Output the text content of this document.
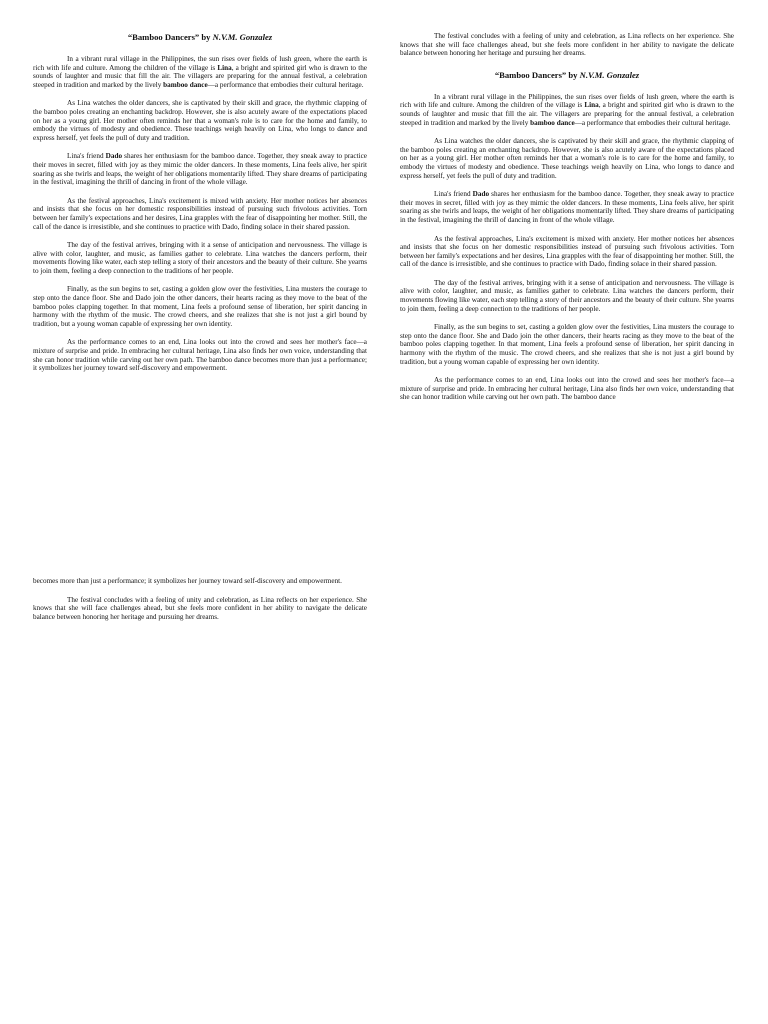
“Bamboo Dancers” by N.V.M. Gonzalez

In a vibrant rural village in the Philippines, the sun rises over fields of lush green, where the earth is rich with life and culture. Among the children of the village is Lina, a bright and spirited girl who is drawn to the sounds of laughter and music that fill the air. The villagers are preparing for the annual festival, a celebration steeped in tradition and marked by the lively bamboo dance—a performance that embodies their cultural heritage.

As Lina watches the older dancers, she is captivated by their skill and grace, the rhythmic clapping of the bamboo poles creating an enchanting backdrop. However, she is also acutely aware of the expectations placed on her as a young girl. Her mother often reminds her that a woman's role is to care for the home and family, to embody the virtues of modesty and obedience. These teachings weigh heavily on Lina, who longs to dance and express herself, yet feels the pull of duty and tradition.

Lina's friend Dado shares her enthusiasm for the bamboo dance. Together, they sneak away to practice their moves in secret, filled with joy as they mimic the older dancers. In these moments, Lina feels alive, her spirit soaring as she twirls and leaps, the weight of her obligations momentarily lifted. They share dreams of participating in the festival, imagining the thrill of dancing in front of the whole village.

As the festival approaches, Lina's excitement is mixed with anxiety. Her mother notices her absences and insists that she focus on her domestic responsibilities instead of pursuing such frivolous activities. Torn between her family's expectations and her desires, Lina grapples with the fear of disappointing her mother. Still, the call of the dance is irresistible, and she continues to practice with Dado, finding solace in their shared passion.

The day of the festival arrives, bringing with it a sense of anticipation and nervousness. The village is alive with color, laughter, and music, as families gather to celebrate. Lina watches the dancers perform, their movements flowing like water, each step telling a story of their ancestors and the beauty of their culture. She yearns to join them, feeling a deep connection to the traditions of her people.

Finally, as the sun begins to set, casting a golden glow over the festivities, Lina musters the courage to step onto the dance floor. She and Dado join the other dancers, their hearts racing as they move to the beat of the bamboo poles clapping together. In that moment, Lina feels a profound sense of liberation, her spirit dancing in harmony with the rhythm of the music. The crowd cheers, and she realizes that she is not just a girl bound by tradition, but a young woman capable of expressing her own identity.

As the performance comes to an end, Lina looks out into the crowd and sees her mother's face—a mixture of surprise and pride. In embracing her cultural heritage, Lina also finds her own voice, understanding that she can honor tradition while carving out her own path. The bamboo dance becomes more than just a performance; it symbolizes her journey toward self-discovery and empowerment.

becomes more than just a performance; it symbolizes her journey toward self-discovery and empowerment.

The festival concludes with a feeling of unity and celebration, as Lina reflects on her experience. She knows that she will face challenges ahead, but she feels more confident in her ability to navigate the delicate balance between honoring her heritage and pursuing her dreams.

The festival concludes with a feeling of unity and celebration, as Lina reflects on her experience. She knows that she will face challenges ahead, but she feels more confident in her ability to navigate the delicate balance between honoring her heritage and pursuing her dreams.

“Bamboo Dancers” by N.V.M. Gonzalez

In a vibrant rural village in the Philippines, the sun rises over fields of lush green, where the earth is rich with life and culture. Among the children of the village is Lina, a bright and spirited girl who is drawn to the sounds of laughter and music that fill the air. The villagers are preparing for the annual festival, a celebration steeped in tradition and marked by the lively bamboo dance—a performance that embodies their cultural heritage.

As Lina watches the older dancers, she is captivated by their skill and grace, the rhythmic clapping of the bamboo poles creating an enchanting backdrop. However, she is also acutely aware of the expectations placed on her as a young girl. Her mother often reminds her that a woman's role is to care for the home and family, to embody the virtues of modesty and obedience. These teachings weigh heavily on Lina, who longs to dance and express herself, yet feels the pull of duty and tradition.

Lina's friend Dado shares her enthusiasm for the bamboo dance. Together, they sneak away to practice their moves in secret, filled with joy as they mimic the older dancers. In these moments, Lina feels alive, her spirit soaring as she twirls and leaps, the weight of her obligations momentarily lifted. They share dreams of participating in the festival, imagining the thrill of dancing in front of the whole village.

As the festival approaches, Lina's excitement is mixed with anxiety. Her mother notices her absences and insists that she focus on her domestic responsibilities instead of pursuing such frivolous activities. Torn between her family's expectations and her desires, Lina grapples with the fear of disappointing her mother. Still, the call of the dance is irresistible, and she continues to practice with Dado, finding solace in their shared passion.

The day of the festival arrives, bringing with it a sense of anticipation and nervousness. The village is alive with color, laughter, and music, as families gather to celebrate. Lina watches the dancers perform, their movements flowing like water, each step telling a story of their ancestors and the beauty of their culture. She yearns to join them, feeling a deep connection to the traditions of her people.

Finally, as the sun begins to set, casting a golden glow over the festivities, Lina musters the courage to step onto the dance floor. She and Dado join the other dancers, their hearts racing as they move to the beat of the bamboo poles clapping together. In that moment, Lina feels a profound sense of liberation, her spirit dancing in harmony with the rhythm of the music. The crowd cheers, and she realizes that she is not just a girl bound by tradition, but a young woman capable of expressing her own identity.

As the performance comes to an end, Lina looks out into the crowd and sees her mother's face—a mixture of surprise and pride. In embracing her cultural heritage, Lina also finds her own voice, understanding that she can honor tradition while carving out her own path. The bamboo dance
